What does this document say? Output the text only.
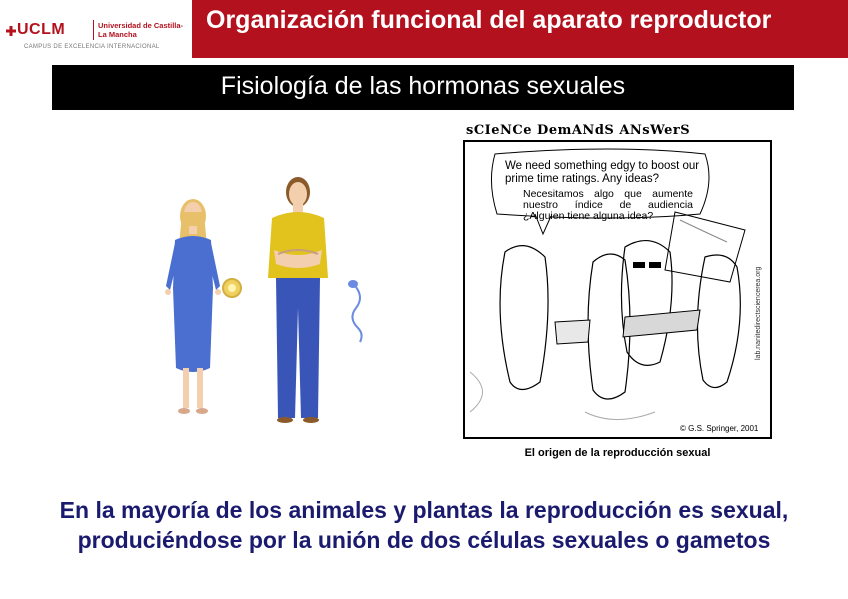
UCLM	Universidad de Castilla-La Mancha
CAMPUS DE EXCELENCIA INTERNACIONAL
Organización funcional del aparato reproductor
Fisiología de las hormonas sexuales
sCIeNCe DemANdS ANsWerS
We need something edgy to boost our prime time ratings. Any ideas?
Necesitamos algo que aumente nuestro índice de audiencia ¿Alguien tiene alguna idea?
lab.nanitedirectsciencerea.org
© G.S. Springer, 2001
El origen de la reproducción sexual
En la mayoría de los animales y plantas la reproducción es sexual, produciéndose por la unión de dos células sexuales o gametos
